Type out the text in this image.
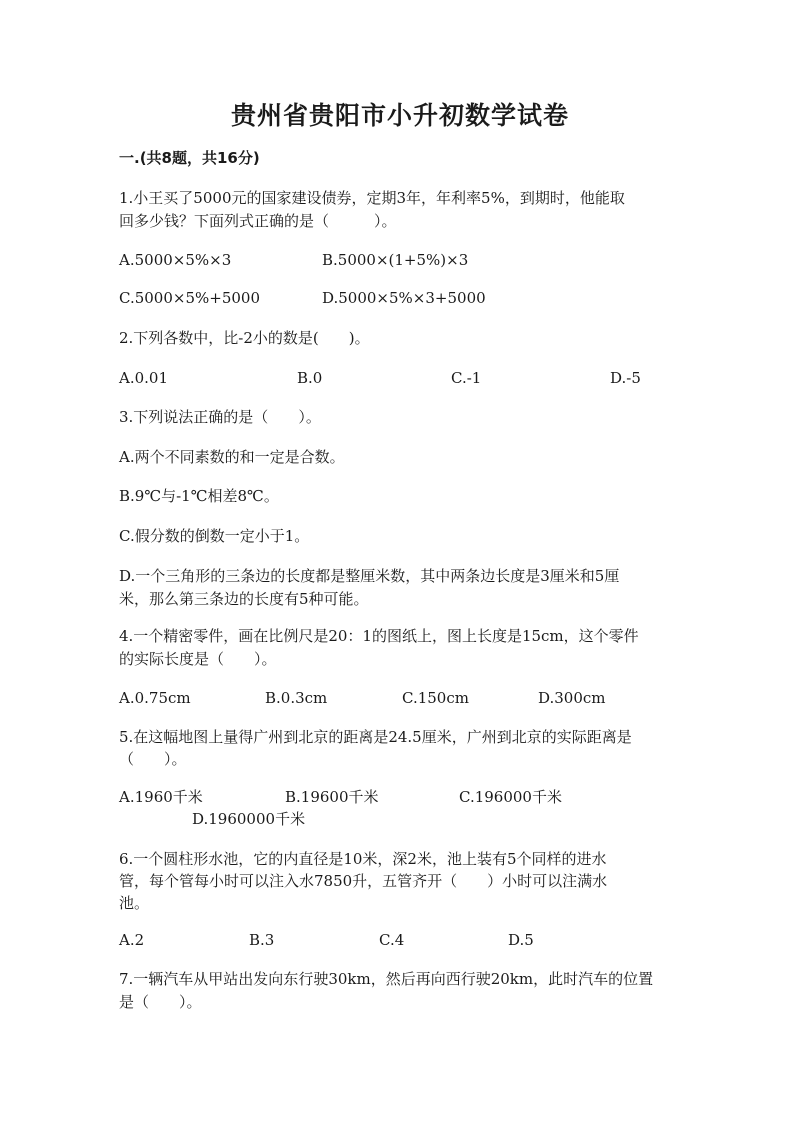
贵州省贵阳市小升初数学试卷
一.(共8题，共16分)
1.小王买了5000元的国家建设债券，定期3年，年利率5%，到期时，他能取
回多少钱？下面列式正确的是（　　　）。
A.5000×5%×3	B.5000×(1+5%)×3
C.5000×5%+5000	D.5000×5%×3+5000
2.下列各数中，比-2小的数是(　　)。
A.0.01	B.0	C.-1	D.-5
3.下列说法正确的是（　　）。
A.两个不同素数的和一定是合数。
B.9℃与-1℃相差8℃。
C.假分数的倒数一定小于1。
D.一个三角形的三条边的长度都是整厘米数，其中两条边长度是3厘米和5厘
米，那么第三条边的长度有5种可能。
4.一个精密零件，画在比例尺是20：1的图纸上，图上长度是15cm，这个零件
的实际长度是（　　）。
A.0.75cm	B.0.3cm	C.150cm	D.300cm
5.在这幅地图上量得广州到北京的距离是24.5厘米，广州到北京的实际距离是
（　　）。
A.1960千米	B.19600千米	C.196000千米
D.1960000千米
6.一个圆柱形水池，它的内直径是10米，深2米，池上装有5个同样的进水
管，每个管每小时可以注入水7850升，五管齐开（　　）小时可以注满水
池。
A.2	B.3	C.4	D.5
7.一辆汽车从甲站出发向东行驶30km，然后再向西行驶20km，此时汽车的位置
是（　　）。
